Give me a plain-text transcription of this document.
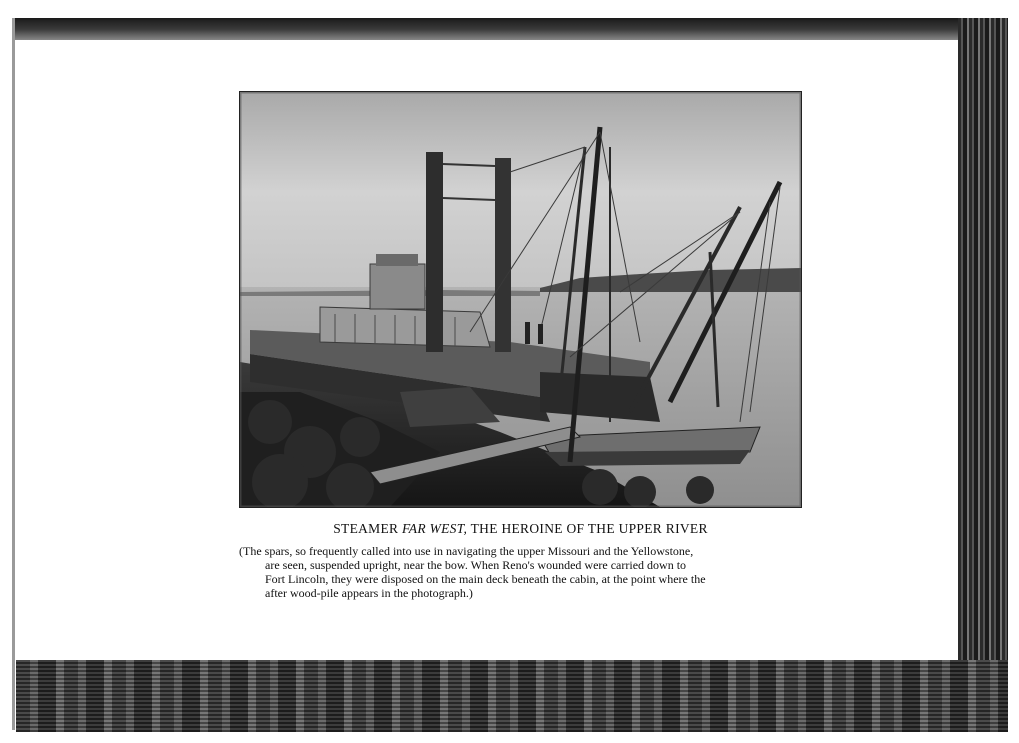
STEAMER FAR WEST, THE HEROINE OF THE UPPER RIVER
(The spars, so frequently called into use in navigating the upper Missouri and the Yellowstone,
are seen, suspended upright, near the bow. When Reno's wounded were carried down to
Fort Lincoln, they were disposed on the main deck beneath the cabin, at the point where the
after wood-pile appears in the photograph.)
